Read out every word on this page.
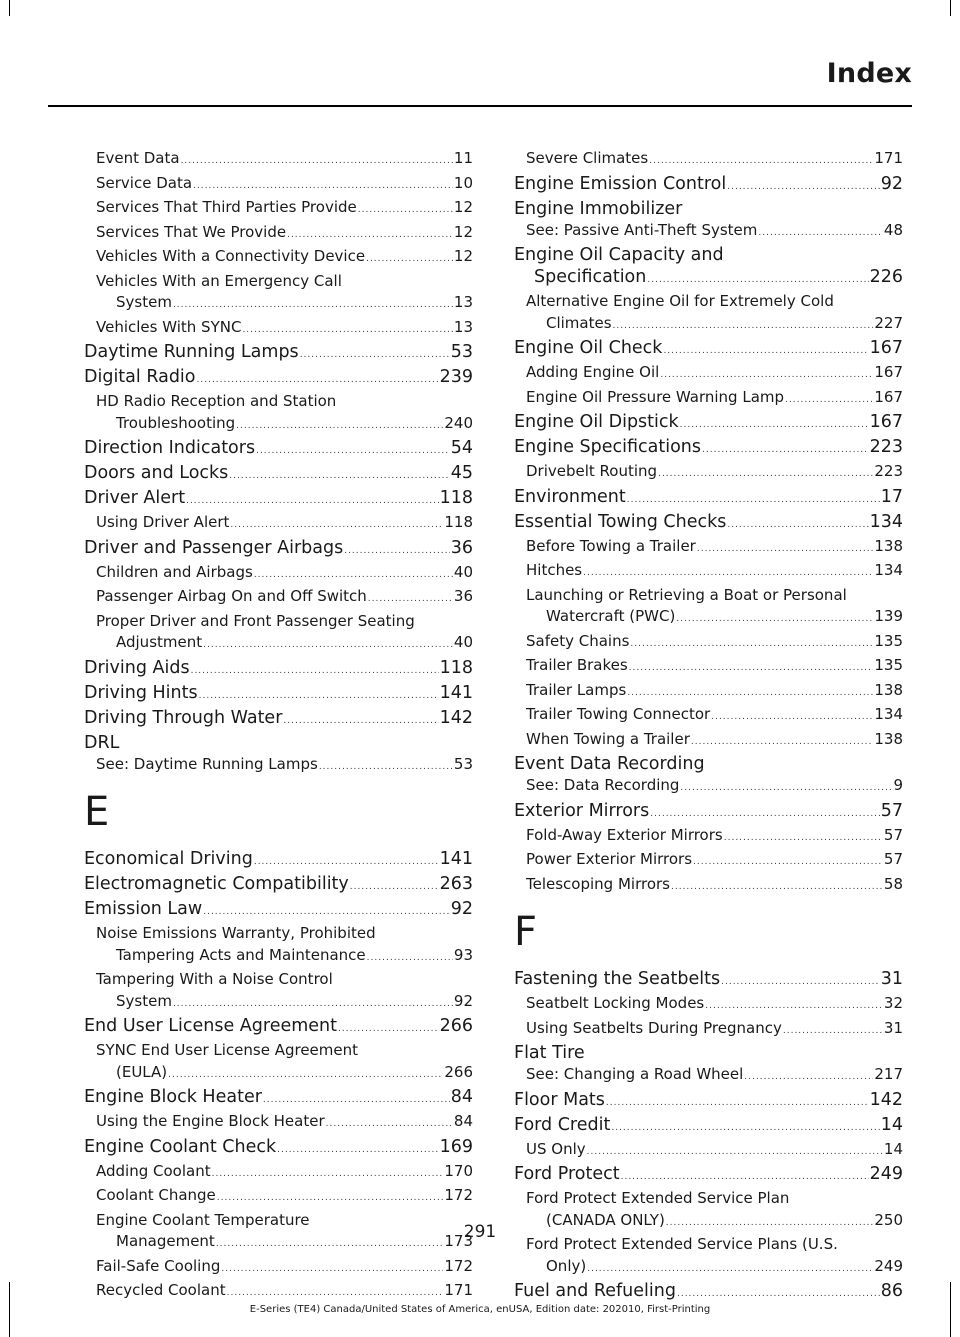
Index
Event Data .....	11
Service Data .....	10
Services That Third Parties Provide .....	12
Services That We Provide .....	12
Vehicles With a Connectivity Device .....	12
Vehicles With an Emergency Call
System .....	13
Vehicles With SYNC .....	13
Daytime Running Lamps .....	53
Digital Radio .....	239
HD Radio Reception and Station
Troubleshooting .....	240
Direction Indicators .....	54
Doors and Locks .....	45
Driver Alert .....	118
Using Driver Alert .....	118
Driver and Passenger Airbags .....	36
Children and Airbags .....	40
Passenger Airbag On and Off Switch .....	36
Proper Driver and Front Passenger Seating
Adjustment .....	40
Driving Aids .....	118
Driving Hints .....	141
Driving Through Water .....	142
DRL
See: Daytime Running Lamps .....	53
E
Economical Driving .....	141
Electromagnetic Compatibility .....	263
Emission Law .....	92
Noise Emissions Warranty, Prohibited
Tampering Acts and Maintenance .....	93
Tampering With a Noise Control
System .....	92
End User License Agreement .....	266
SYNC End User License Agreement
(EULA) .....	266
Engine Block Heater .....	84
Using the Engine Block Heater .....	84
Engine Coolant Check .....	169
Adding Coolant .....	170
Coolant Change .....	172
Engine Coolant Temperature
Management .....	173
Fail-Safe Cooling .....	172
Recycled Coolant .....	171
Severe Climates .....	171
Engine Emission Control .....	92
Engine Immobilizer
See: Passive Anti-Theft System .....	48
Engine Oil Capacity and
Specification .....	226
Alternative Engine Oil for Extremely Cold
Climates .....	227
Engine Oil Check .....	167
Adding Engine Oil .....	167
Engine Oil Pressure Warning Lamp .....	167
Engine Oil Dipstick .....	167
Engine Specifications .....	223
Drivebelt Routing .....	223
Environment .....	17
Essential Towing Checks .....	134
Before Towing a Trailer .....	138
Hitches .....	134
Launching or Retrieving a Boat or Personal
Watercraft (PWC) .....	139
Safety Chains .....	135
Trailer Brakes .....	135
Trailer Lamps .....	138
Trailer Towing Connector .....	134
When Towing a Trailer .....	138
Event Data Recording
See: Data Recording .....	9
Exterior Mirrors .....	57
Fold-Away Exterior Mirrors .....	57
Power Exterior Mirrors .....	57
Telescoping Mirrors .....	58
F
Fastening the Seatbelts .....	31
Seatbelt Locking Modes .....	32
Using Seatbelts During Pregnancy .....	31
Flat Tire
See: Changing a Road Wheel .....	217
Floor Mats .....	142
Ford Credit .....	14
US Only .....	14
Ford Protect .....	249
Ford Protect Extended Service Plan
(CANADA ONLY) .....	250
Ford Protect Extended Service Plans (U.S.
Only) .....	249
Fuel and Refueling .....	86
291
E-Series (TE4) Canada/United States of America, enUSA, Edition date: 202010, First-Printing
